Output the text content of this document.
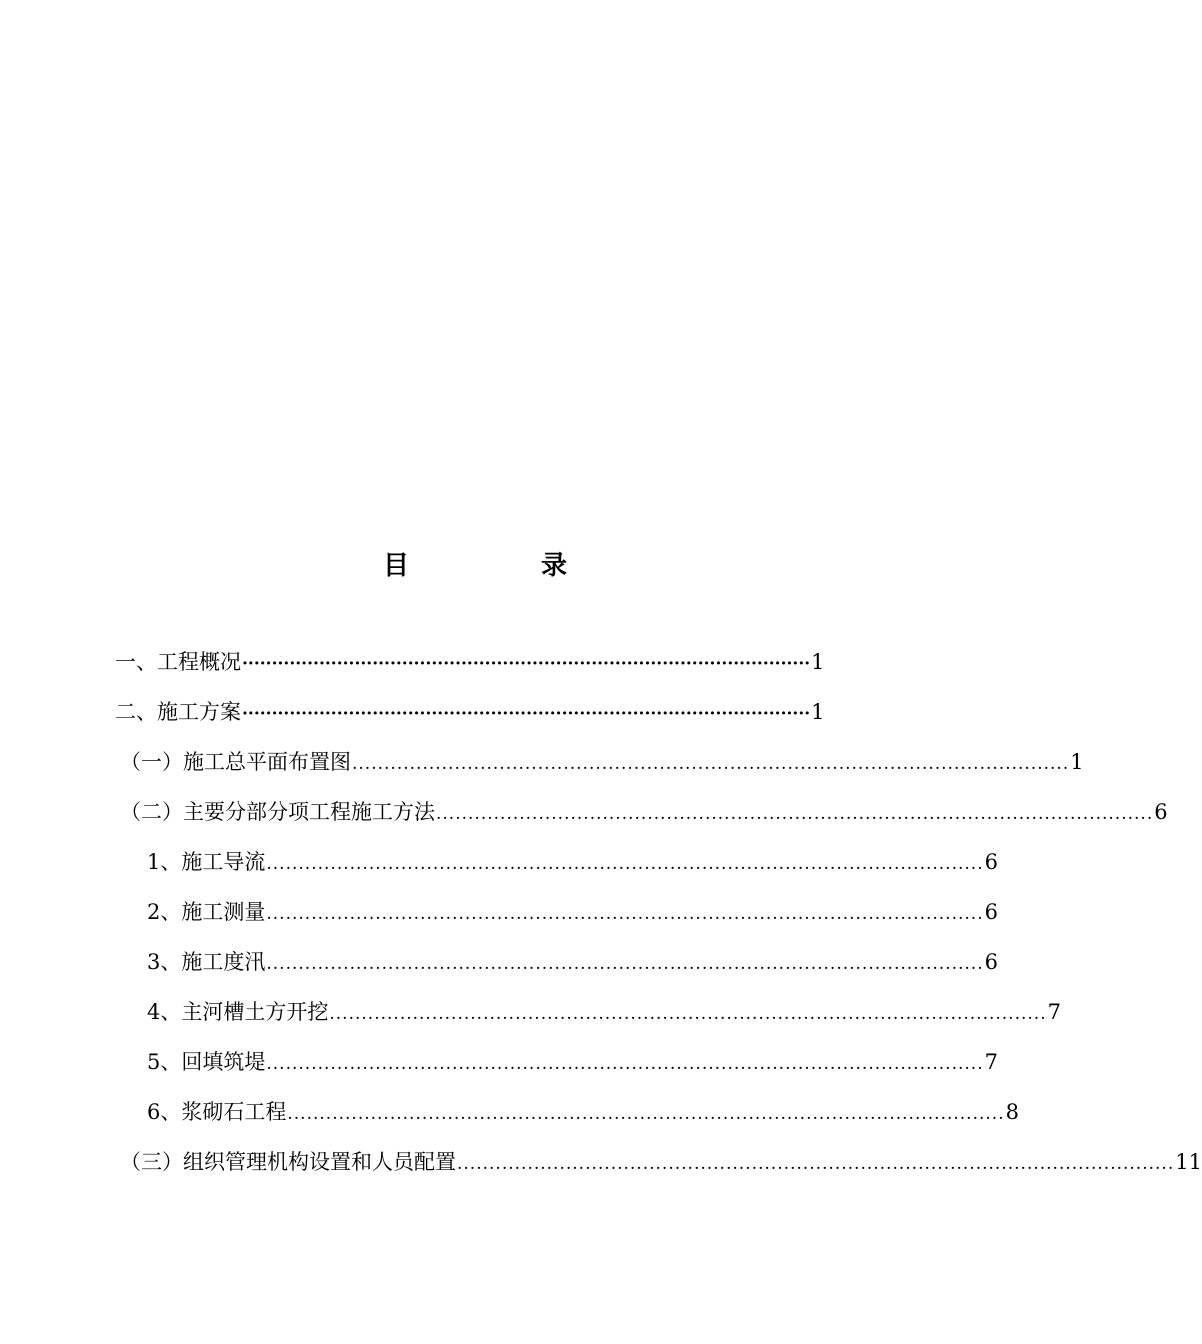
目	录
一、 工程概况 ································································································ 1
二、 施工方案 ································································································ 1
（一） 施工总平面布置图 ................................................................................................................ 1
（二） 主要分部分项工程施工方法 ................................................................................................................ 6
1、 施工导流 ................................................................................................................ 6
2、 施工测量 ................................................................................................................ 6
3、 施工度汛 ................................................................................................................ 6
4、 主河槽土方开挖 ................................................................................................................ 7
5、 回填筑堤 ................................................................................................................ 7
6、 浆砌石工程 ................................................................................................................ 8
（三） 组织管理机构设置和人员配置 ................................................................................................................ 11
